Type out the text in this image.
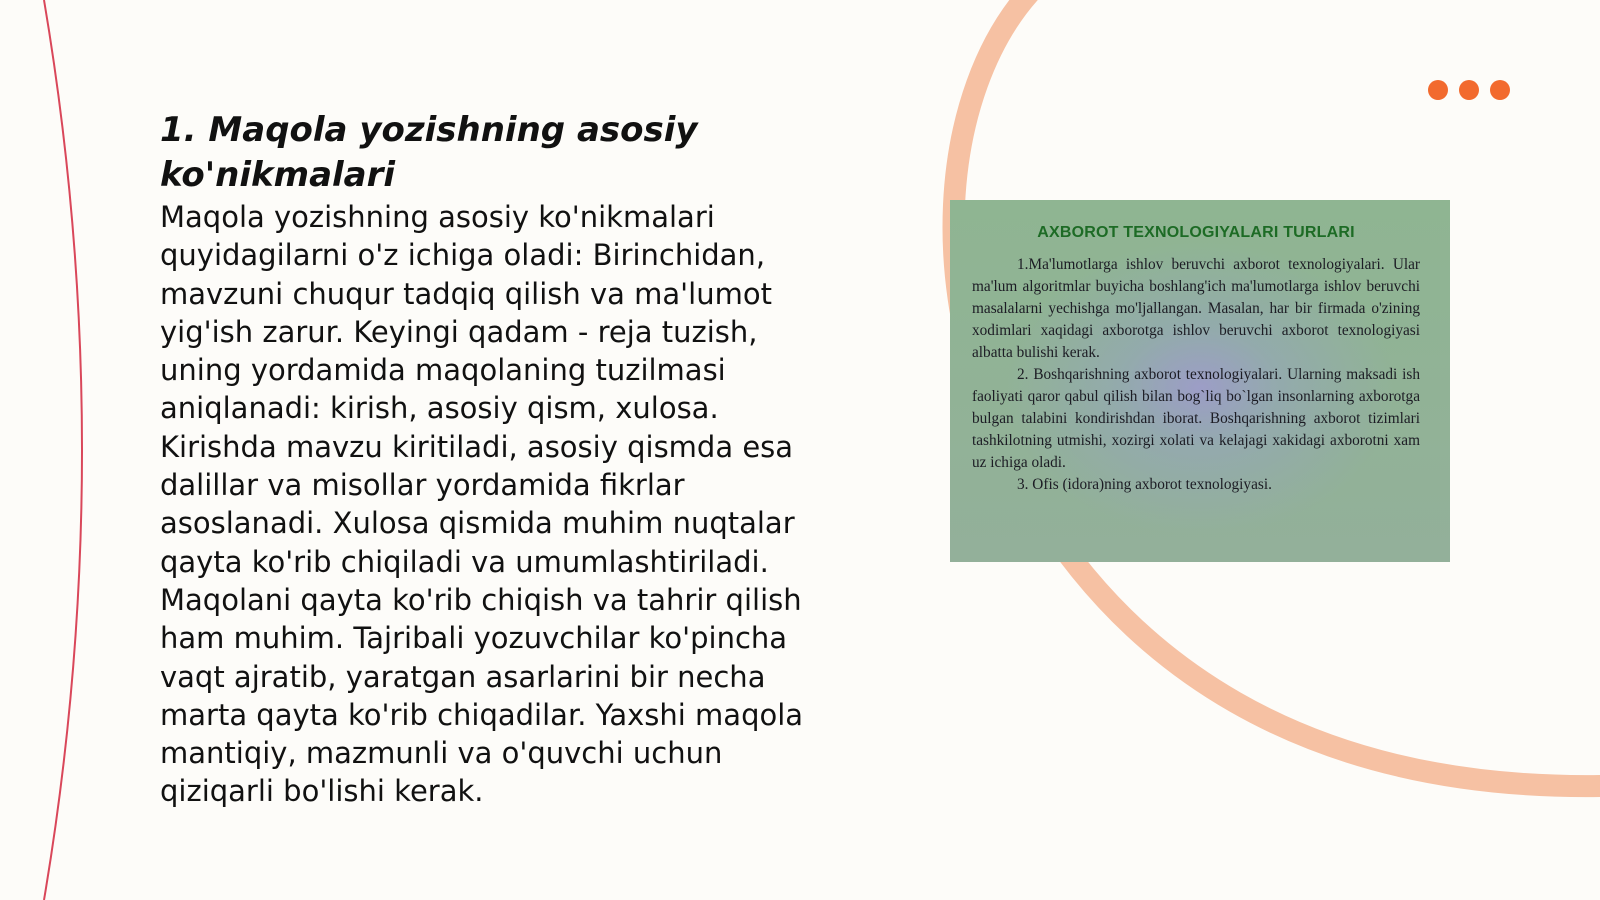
1. Maqola yozishning asosiy ko'nikmalari

Maqola yozishning asosiy ko'nikmalari
quyidagilarni o'z ichiga oladi: Birinchidan,
mavzuni chuqur tadqiq qilish va ma'lumot
yig'ish zarur. Keyingi qadam - reja tuzish,
uning yordamida maqolaning tuzilmasi
aniqlanadi: kirish, asosiy qism, xulosa.
Kirishda mavzu kiritiladi, asosiy qismda esa
dalillar va misollar yordamida fikrlar
asoslanadi. Xulosa qismida muhim nuqtalar
qayta ko'rib chiqiladi va umumlashtiriladi.
Maqolani qayta ko'rib chiqish va tahrir qilish
ham muhim. Tajribali yozuvchilar ko'pincha
vaqt ajratib, yaratgan asarlarini bir necha
marta qayta ko'rib chiqadilar. Yaxshi maqola
mantiqiy, mazmunli va o'quvchi uchun
qiziqarli bo'lishi kerak.

AXBOROT TEXNOLOGIYALARI TURLARI

1.Ma'lumotlarga ishlov beruvchi axborot texnologiyalari. Ular ma'lum algoritmlar buyicha boshlang'ich ma'lumotlarga ishlov beruvchi masalalarni yechishga mo'ljallangan. Masalan, har bir firmada o'zining xodimlari xaqidagi axborotga ishlov beruvchi axborot texnologiyasi albatta bulishi kerak.

2. Boshqarishning axborot texnologiyalari. Ularning maksadi ish faoliyati qaror qabul qilish bilan bog`liq bo`lgan insonlarning axborotga bulgan talabini kondirishdan iborat. Boshqarishning axborot tizimlari tashkilotning utmishi, xozirgi xolati va kelajagi xakidagi axborotni xam uz ichiga oladi.

3. Ofis (idora)ning axborot texnologiyasi.
